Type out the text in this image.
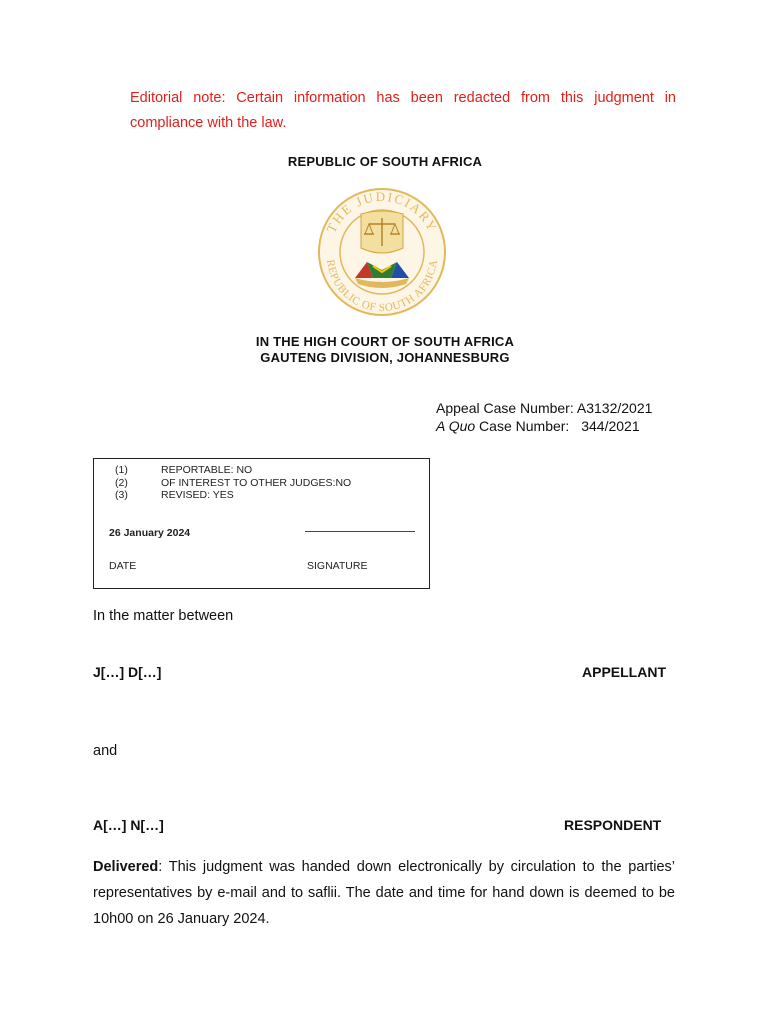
Editorial note: Certain information has been redacted from this judgment in compliance with the law.
REPUBLIC OF SOUTH AFRICA
THE JUDICIARY
REPUBLIC OF SOUTH AFRICA
IN THE HIGH COURT OF SOUTH AFRICA
GAUTENG DIVISION, JOHANNESBURG
Appeal Case Number: A3132/2021
A Quo Case Number: 344/2021
(1)	REPORTABLE: NO
(2)	OF INTEREST TO OTHER JUDGES:NO
(3)	REVISED: YES
26 January 2024
DATE	SIGNATURE
In the matter between
J[…] D[…]	APPELLANT
and
A[…] N[…]	RESPONDENT
Delivered: This judgment was handed down electronically by circulation to the parties’ representatives by e-mail and to saflii. The date and time for hand down is deemed to be 10h00 on 26 January 2024.
